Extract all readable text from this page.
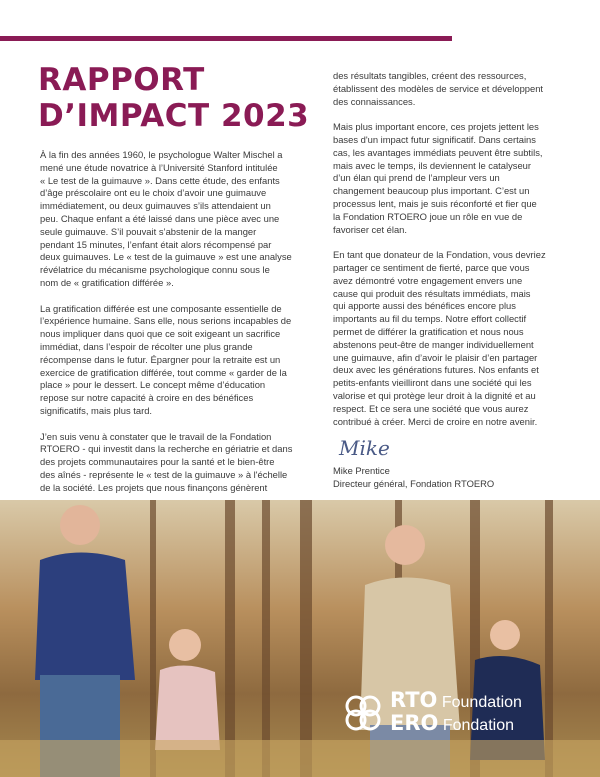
RAPPORT
D’IMPACT 2023

À la fin des années 1960, le psychologue Walter Mischel a
mené une étude novatrice à l’Université Stanford intitulée
« Le test de la guimauve ». Dans cette étude, des enfants
d’âge préscolaire ont eu le choix d’avoir une guimauve
immédiatement, ou deux guimauves s’ils attendaient un
peu. Chaque enfant a été laissé dans une pièce avec une
seule guimauve. S’il pouvait s’abstenir de la manger
pendant 15 minutes, l’enfant était alors récompensé par
deux guimauves. Le « test de la guimauve » est une analyse
révélatrice du mécanisme psychologique connu sous le
nom de « gratification différée ».

La gratification différée est une composante essentielle de
l’expérience humaine. Sans elle, nous serions incapables de
nous impliquer dans quoi que ce soit exigeant un sacrifice
immédiat, dans l’espoir de récolter une plus grande
récompense dans le futur. Épargner pour la retraite est un
exercice de gratification différée, tout comme « garder de la
place » pour le dessert. Le concept même d’éducation
repose sur notre capacité à croire en des bénéfices
significatifs, mais plus tard.

J’en suis venu à constater que le travail de la Fondation
RTOERO - qui investit dans la recherche en gériatrie et dans
des projets communautaires pour la santé et le bien-être
des aînés - représente le « test de la guimauve » à l'échelle
de la société. Les projets que nous finançons génèrent

des résultats tangibles, créent des ressources,
établissent des modèles de service et développent
des connaissances.

Mais plus important encore, ces projets jettent les
bases d'un impact futur significatif. Dans certains
cas, les avantages immédiats peuvent être subtils,
mais avec le temps, ils deviennent le catalyseur
d’un élan qui prend de l’ampleur vers un
changement beaucoup plus important. C’est un
processus lent, mais je suis réconforté et fier que
la Fondation RTOERO joue un rôle en vue de
favoriser cet élan.

En tant que donateur de la Fondation, vous devriez
partager ce sentiment de fierté, parce que vous
avez démontré votre engagement envers une
cause qui produit des résultats immédiats, mais
qui apporte aussi des bénéfices encore plus
importants au fil du temps. Notre effort collectif
permet de différer la gratification et nous nous
abstenons peut-être de manger individuellement
une guimauve, afin d’avoir le plaisir d’en partager
deux avec les générations futures. Nos enfants et
petits-enfants vieilliront dans une société qui les
valorise et qui protège leur droit à la dignité et au
respect. Et ce sera une société que vous aurez
contribué à créer. Merci de croire en notre avenir.

Mike
Mike Prentice
Directeur général, Fondation RTOERO
RTO Foundation
ERO Fondation
